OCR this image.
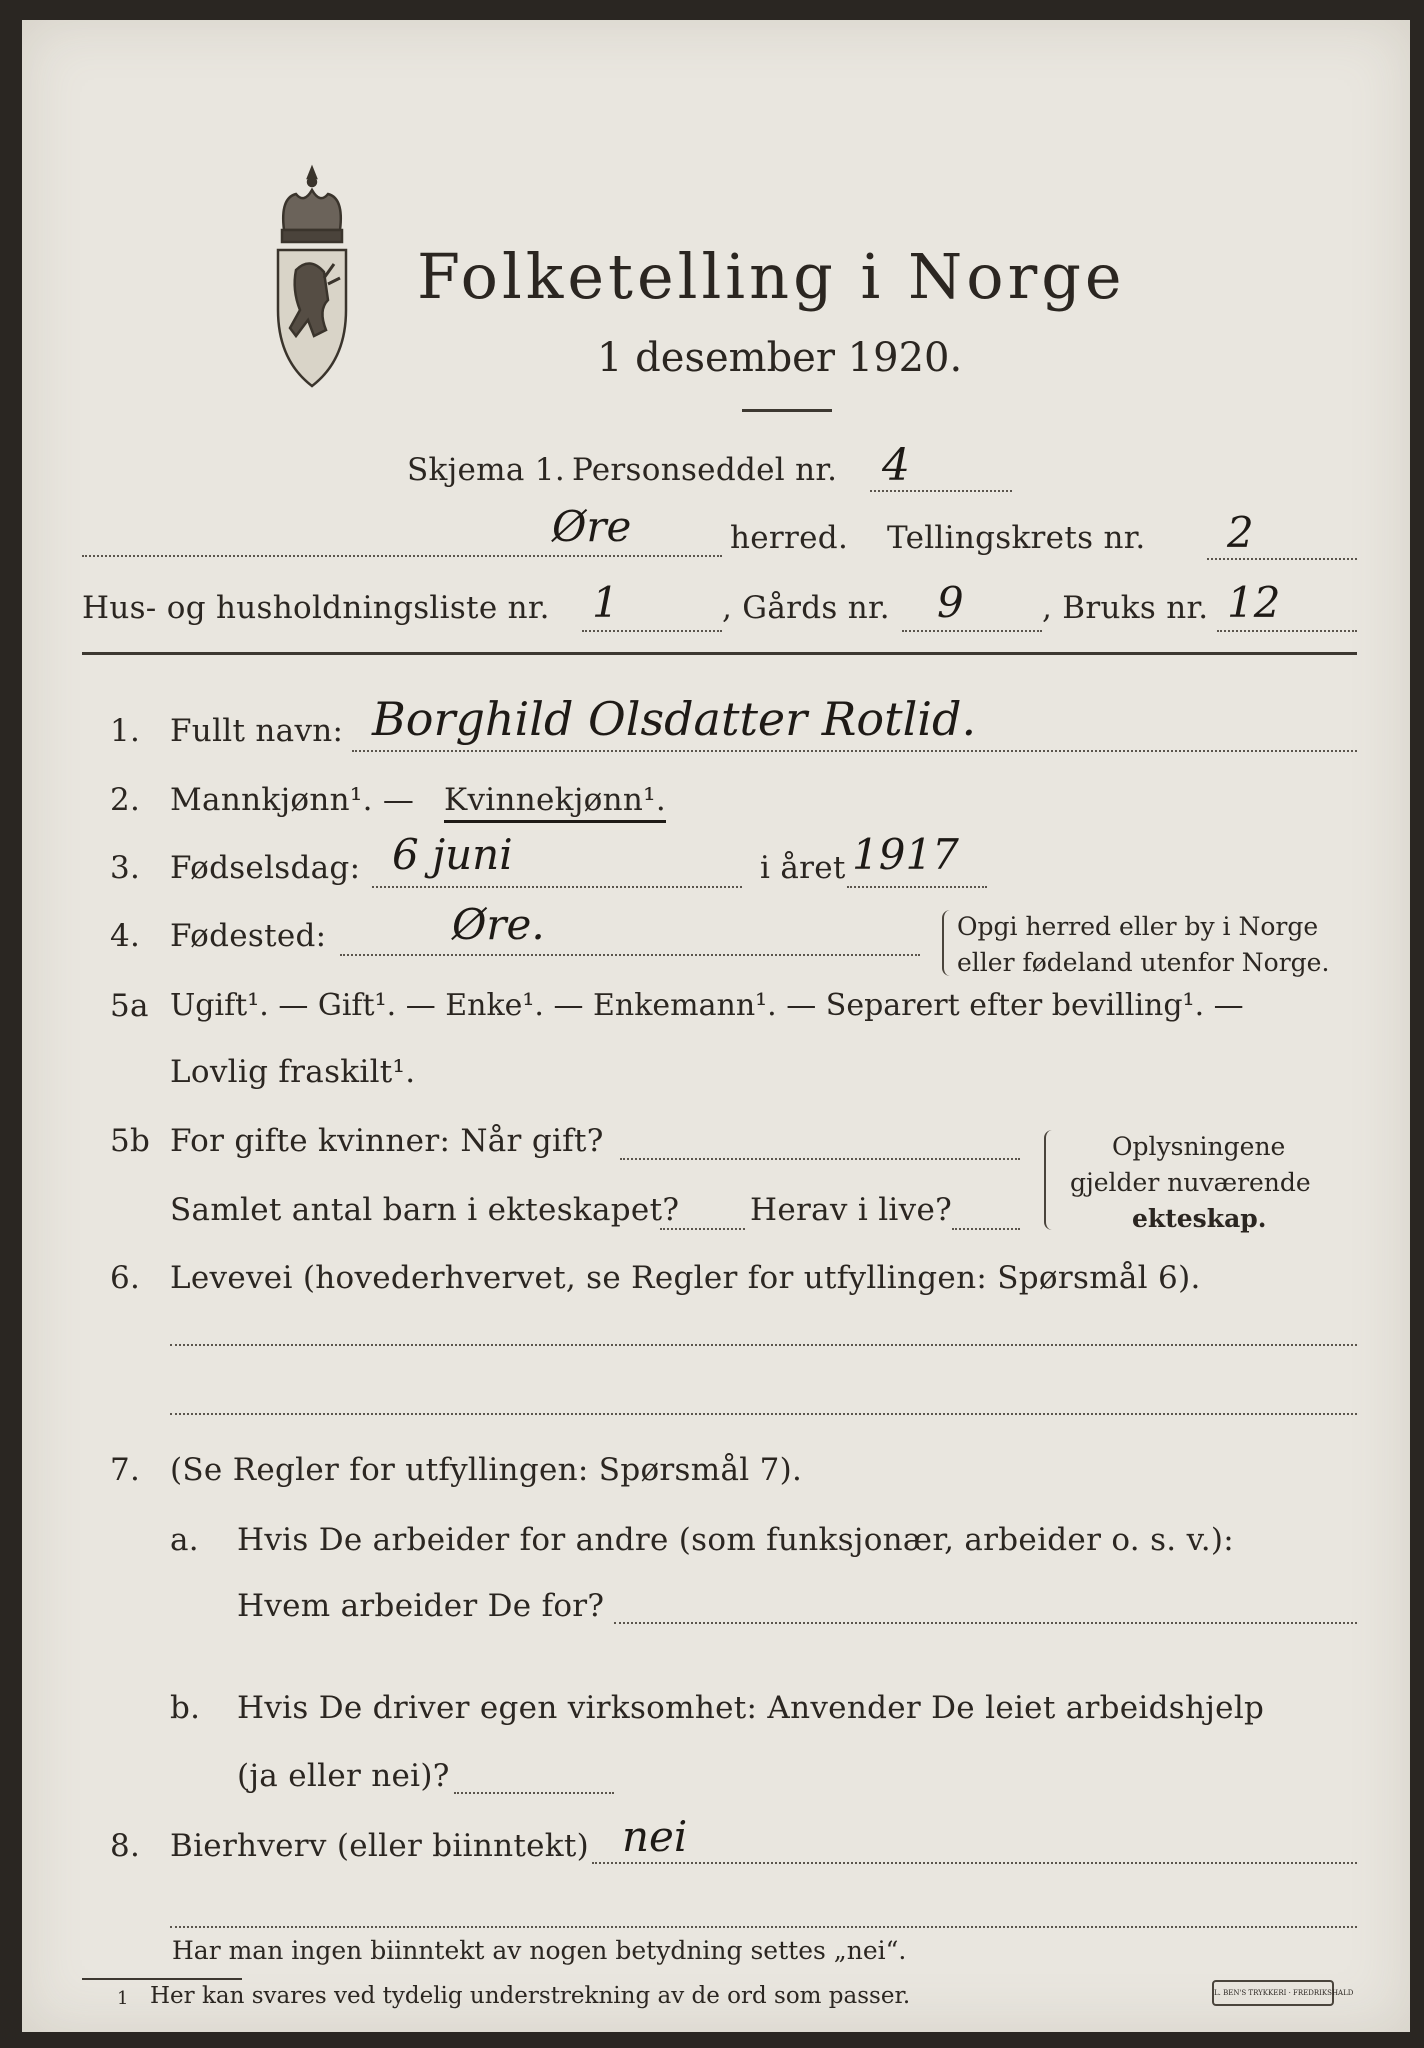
Folketelling i Norge
1 desember 1920.
Skjema 1. Personseddel nr. 4
Øre	herred. Tellingskrets nr. 2
Hus- og husholdningsliste nr. 1	, Gårds nr. 9	, Bruks nr. 12
1. Fullt navn: Borghild Olsdatter Rotlid.
2. Mannkjønn¹. — Kvinnekjønn¹.
3. Fødselsdag: 6 juni	i året 1917
4. Fødested:	Øre.	Opgi herred eller by i Norge
eller fødeland utenfor Norge.
5a Ugift¹. — Gift¹. — Enke¹. — Enkemann¹. — Separert efter bevilling¹. —
Lovlig fraskilt¹.
5b For gifte kvinner: Når gift?
Samlet antal barn i ekteskapet? Herav i live?
Oplysningene
gjelder nuværende
ekteskap.
6. Levevei (hovederhvervet, se Regler for utfyllingen: Spørsmål 6).
7. (Se Regler for utfyllingen: Spørsmål 7).
a. Hvis De arbeider for andre (som funksjonær, arbeider o. s. v.):
Hvem arbeider De for?
b. Hvis De driver egen virksomhet: Anvender De leiet arbeidshjelp
(ja eller nei)?
8. Bierhverv (eller biinntekt) nei
Har man ingen biinntekt av nogen betydning settes „nei“.
1 Her kan svares ved tydelig understrekning av de ord som passer.	L. BEN'S TRYKKERI · FREDRIKSHALD
